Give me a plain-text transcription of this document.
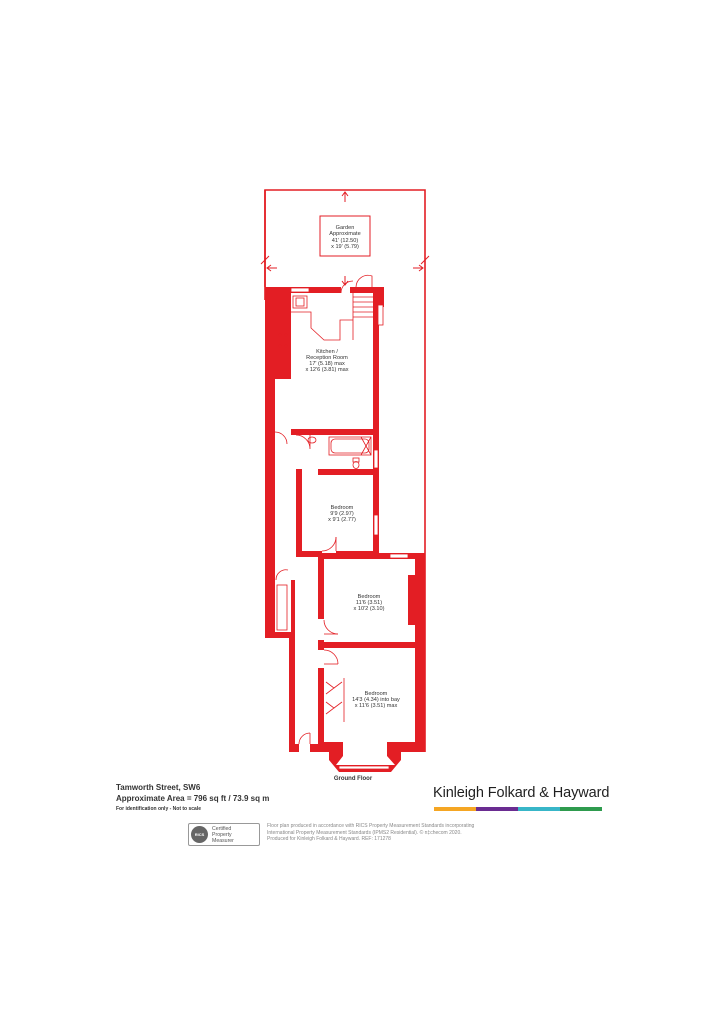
Garden
Approximate
41' (12.50)
x 19' (5.79)
Kitchen /
Reception Room
17' (5.18) max
x 12'6 (3.81) max
Bedroom
9'9 (2.97)
x 9'1 (2.77)
Bedroom
11'6 (3.51)
x 10'2 (3.10)
Bedroom
14'3 (4.34) into bay
x 11'6 (3.51) max
Ground Floor
Tamworth Street, SW6
Approximate Area = 796 sq ft / 73.9 sq m
For identification only - Not to scale
Kinleigh Folkard & Hayward
RICS
Certified
Property
Measurer
Floor plan produced in accordance with RICS Property Measurement Standards incorporating
International Property Measurement Standards (IPMS2 Residential). © n‡checom 2020.
Produced for Kinleigh Folkard & Hayward. REF: 171278
